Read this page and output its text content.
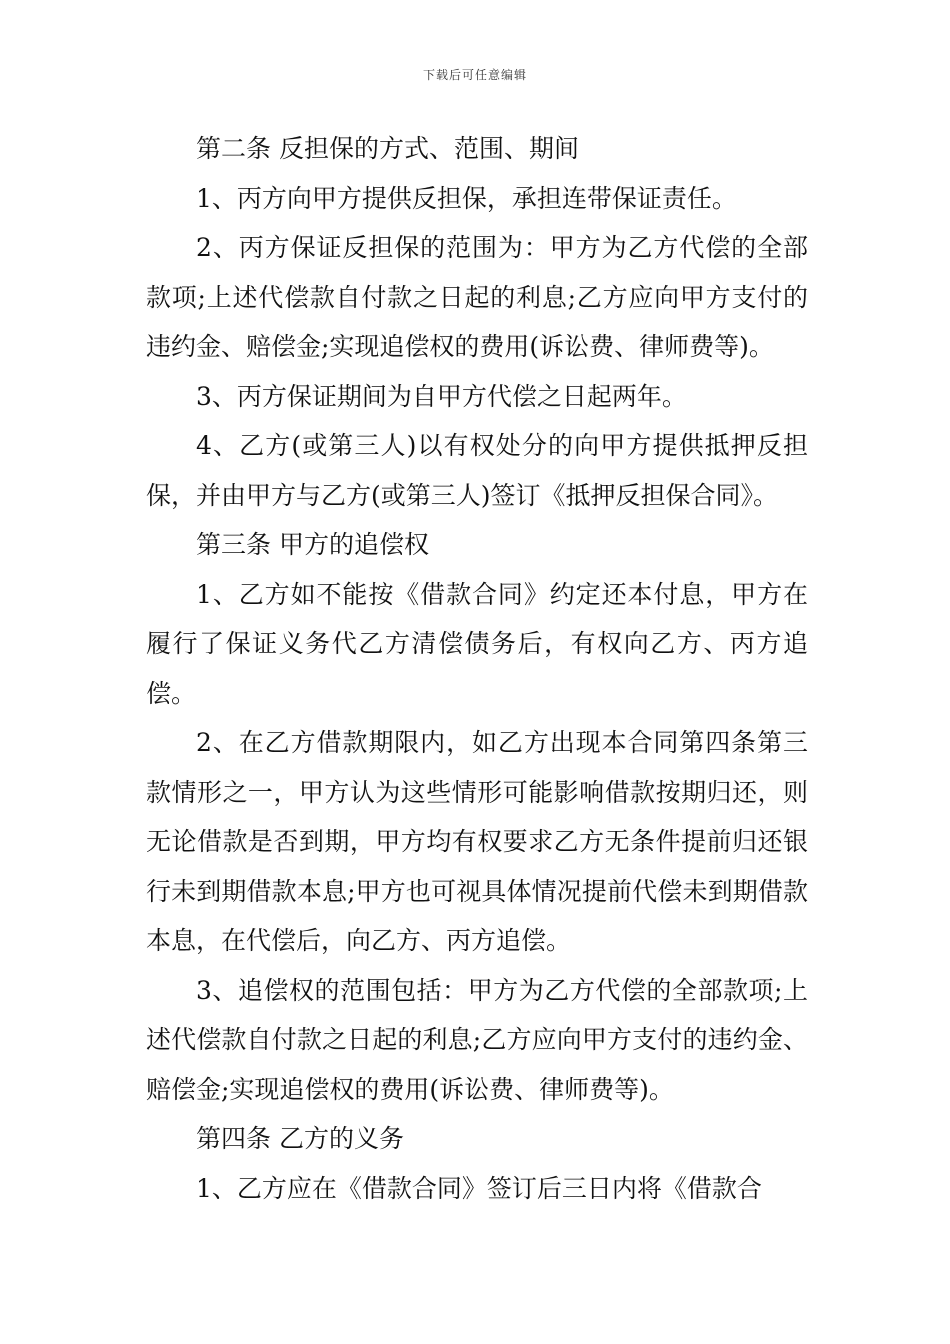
下载后可任意编辑

第二条 反担保的方式、范围、期间

1、丙方向甲方提供反担保，承担连带保证责任。

2、丙方保证反担保的范围为：甲方为乙方代偿的全部款项;上述代偿款自付款之日起的利息;乙方应向甲方支付的违约金、赔偿金;实现追偿权的费用(诉讼费、律师费等)。

3、丙方保证期间为自甲方代偿之日起两年。

4、乙方(或第三人)以有权处分的向甲方提供抵押反担保，并由甲方与乙方(或第三人)签订《抵押反担保合同》。

第三条 甲方的追偿权

1、乙方如不能按《借款合同》约定还本付息，甲方在履行了保证义务代乙方清偿债务后，有权向乙方、丙方追偿。

2、在乙方借款期限内，如乙方出现本合同第四条第三款情形之一，甲方认为这些情形可能影响借款按期归还，则无论借款是否到期，甲方均有权要求乙方无条件提前归还银行未到期借款本息;甲方也可视具体情况提前代偿未到期借款本息，在代偿后，向乙方、丙方追偿。

3、追偿权的范围包括：甲方为乙方代偿的全部款项;上述代偿款自付款之日起的利息;乙方应向甲方支付的违约金、赔偿金;实现追偿权的费用(诉讼费、律师费等)。

第四条 乙方的义务

1、乙方应在《借款合同》签订后三日内将《借款合
